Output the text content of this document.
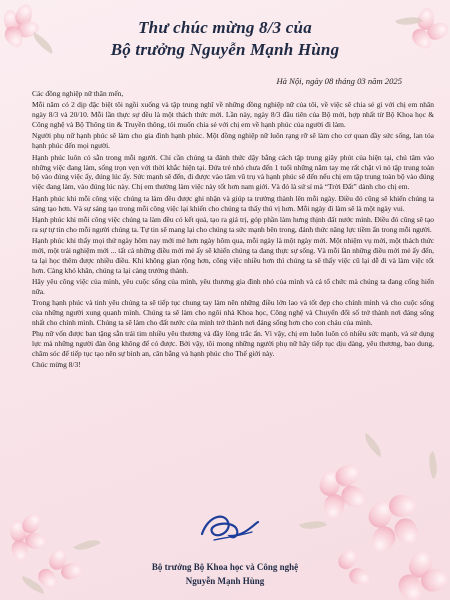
Thư chúc mừng 8/3 của
Bộ trưởng Nguyễn Mạnh Hùng
Hà Nội, ngày 08 tháng 03 năm 2025

Các đồng nghiệp nữ thân mến,

Mỗi năm có 2 dịp đặc biệt tôi ngồi xuống và tập trung nghĩ về những đồng nghiệp nữ của tôi, về việc sẽ chia sẻ gì với chị em nhân ngày 8/3 và 20/10. Mỗi lần thực sự đều là một thách thức mới. Lần này, ngày 8/3 đầu tiên của Bộ mới, hợp nhất từ Bộ Khoa học & Công nghệ và Bộ Thông tin & Truyền thông, tôi muốn chia sẻ với chị em về hạnh phúc của người đi làm.

Người phụ nữ hạnh phúc sẽ làm cho gia đình hạnh phúc. Một đồng nghiệp nữ luôn rạng rỡ sẽ làm cho cơ quan đầy sức sống, lan tỏa hạnh phúc đến mọi người.

Hạnh phúc luôn có sẵn trong mỗi người. Chỉ cần chúng ta đánh thức dậy bằng cách tập trung giây phút của hiện tại, chú tâm vào những việc đang làm, sống trọn vẹn với thời khắc hiện tại. Đứa trẻ nhỏ chưa đến 1 tuổi những năm tay mẹ rất chặt vì nó tập trung toàn bộ vào đúng việc ấy, đúng lúc ấy. Sức mạnh sẽ đến, đi được vào tâm vũ trụ và hạnh phúc sẽ đến nếu chị em tập trung toàn bộ vào đúng việc đang làm, vào đúng lúc này. Chị em thường làm việc này tốt hơn nam giới. Và đó là sứ sí mà “Trời Đất” dành cho chị em.

Hạnh phúc khi mỗi công việc chúng ta làm đều được ghi nhận và giúp ta trưởng thành lên mỗi ngày. Điều đó cũng sẽ khiến chúng ta sáng tạo hơn. Và sự sáng tạo trong mỗi công việc lại khiến cho chúng ta thấy thú vị hơn. Mỗi ngày đi làm sẽ là một ngày vui.

Hạnh phúc khi mỗi công việc chúng ta làm đều có kết quả, tạo ra giá trị, góp phần làm hưng thịnh đất nước mình. Điều đó cũng sẽ tạo ra sự tự tin cho mỗi người chúng ta. Tự tin sẽ mang lại cho chúng ta sức mạnh bên trong, đánh thức năng lực tiềm ẩn trong mỗi người.

Hạnh phúc khi thấy mọi thứ ngày hôm nay mới mẻ hơn ngày hôm qua, mỗi ngày là một ngày mới. Một nhiệm vụ mới, một thách thức mới, một trải nghiệm mới ... tất cả những điều mới mẻ ấy sẽ khiến chúng ta đang thực sự sống. Và mỗi lần những điều mới mẻ ấy đến, ta lại học thêm được nhiều điều. Khi không gian rộng hơn, công việc nhiều hơn thì chúng ta sẽ thấy việc cũ lại dễ đi và làm việc tốt hơn. Càng khó khăn, chúng ta lại càng trưởng thành.

Hãy yêu công việc của mình, yêu cuộc sống của mình, yêu thương gia đình nhỏ của mình và cả tổ chức mà chúng ta đang cống hiến nữa.

Trong hạnh phúc và tinh yêu chúng ta sẽ tiếp tục chung tay làm nên những điều lớn lao và tốt đẹp cho chính mình và cho cuộc sống của những người xung quanh mình. Chúng ta sẽ làm cho ngôi nhà Khoa học, Công nghệ và Chuyển đổi số trở thành nơi đáng sống nhất cho chính mình. Chúng ta sẽ làm cho đất nước của mình trở thành nơi đáng sống hơn cho con cháu của mình.

Phụ nữ vốn được ban tặng sẵn trái tim nhiều yêu thương và đầy lòng trắc ẩn. Vì vậy, chị em luôn luôn có nhiều sức mạnh, và sử dụng lực mà những người đàn ông không để có được. Bởi vậy, tôi mong những người phụ nữ hãy tiếp tục dịu dàng, yêu thương, bao dung, chăm sóc để tiếp tục tạo nên sự bình an, cân bằng và hạnh phúc cho Thế giới này.

Chúc mừng 8/3!

Bộ trưởng Bộ Khoa học và Công nghệ
Nguyễn Mạnh Hùng
